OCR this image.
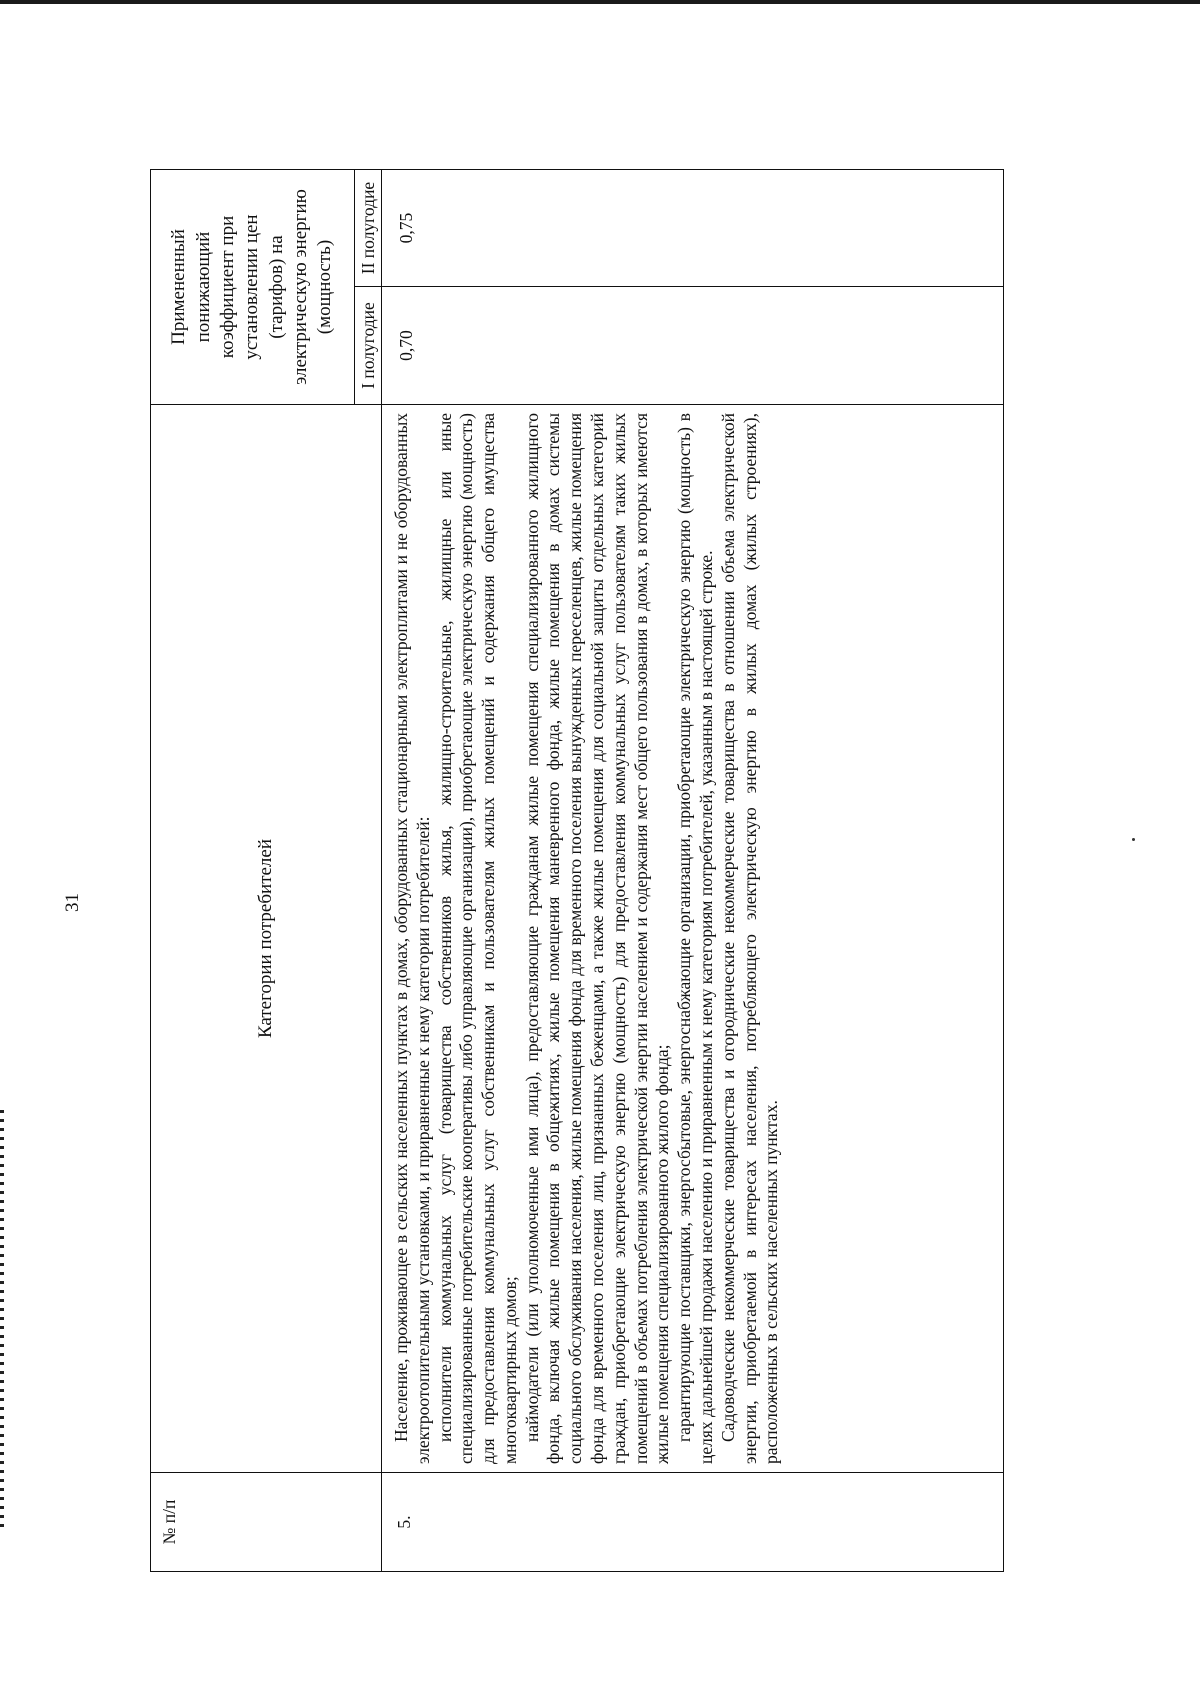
31
№ п/п	Категории потребителей	Примененный понижающий коэффициент при установлении цен (тарифов) на электрическую энергию (мощность)	
		I полугодие	II полугодие
5.	Население, проживающее в сельских населенных пунктах в домах, оборудованных стационарными электроплитами и не оборудованных электроотопительными установками, и приравненные к нему категории потребителей: исполнители коммунальных услуг (товарищества собственников жилья, жилищно-строительные, жилищные или иные специализированные потребительские кооперативы либо управляющие организации), приобретающие электрическую энергию (мощность) для предоставления коммунальных услуг собственникам и пользователям жилых помещений и содержания общего имущества многоквартирных домов; наймодатели (или уполномоченные ими лица), предоставляющие гражданам жилые помещения специализированного жилищного фонда, включая жилые помещения в общежитиях, жилые помещения маневренного фонда, жилые помещения в домах системы социального обслуживания населения, жилые помещения фонда для временного поселения вынужденных переселенцев, жилые помещения фонда для временного поселения лиц, признанных беженцами, а также жилые помещения для социальной защиты отдельных категорий граждан, приобретающие электрическую энергию (мощность) для предоставления коммунальных услуг пользователям таких жилых помещений в объемах потребления электрической энергии населением и содержания мест общего пользования в домах, в которых имеются жилые помещения специализированного жилого фонда; гарантирующие поставщики, энергосбытовые, энергоснабжающие организации, приобретающие электрическую энергию (мощность) в целях дальнейшей продажи населению и приравненным к нему категориям потребителей, указанным в настоящей строке. Садоводческие некоммерческие товарищества и огороднические некоммерческие товарищества в отношении объема электрической энергии, приобретаемой в интересах населения, потребляющего электрическую энергию в жилых домах (жилых строениях), расположенных в сельских населенных пунктах.	0,70	0,75
